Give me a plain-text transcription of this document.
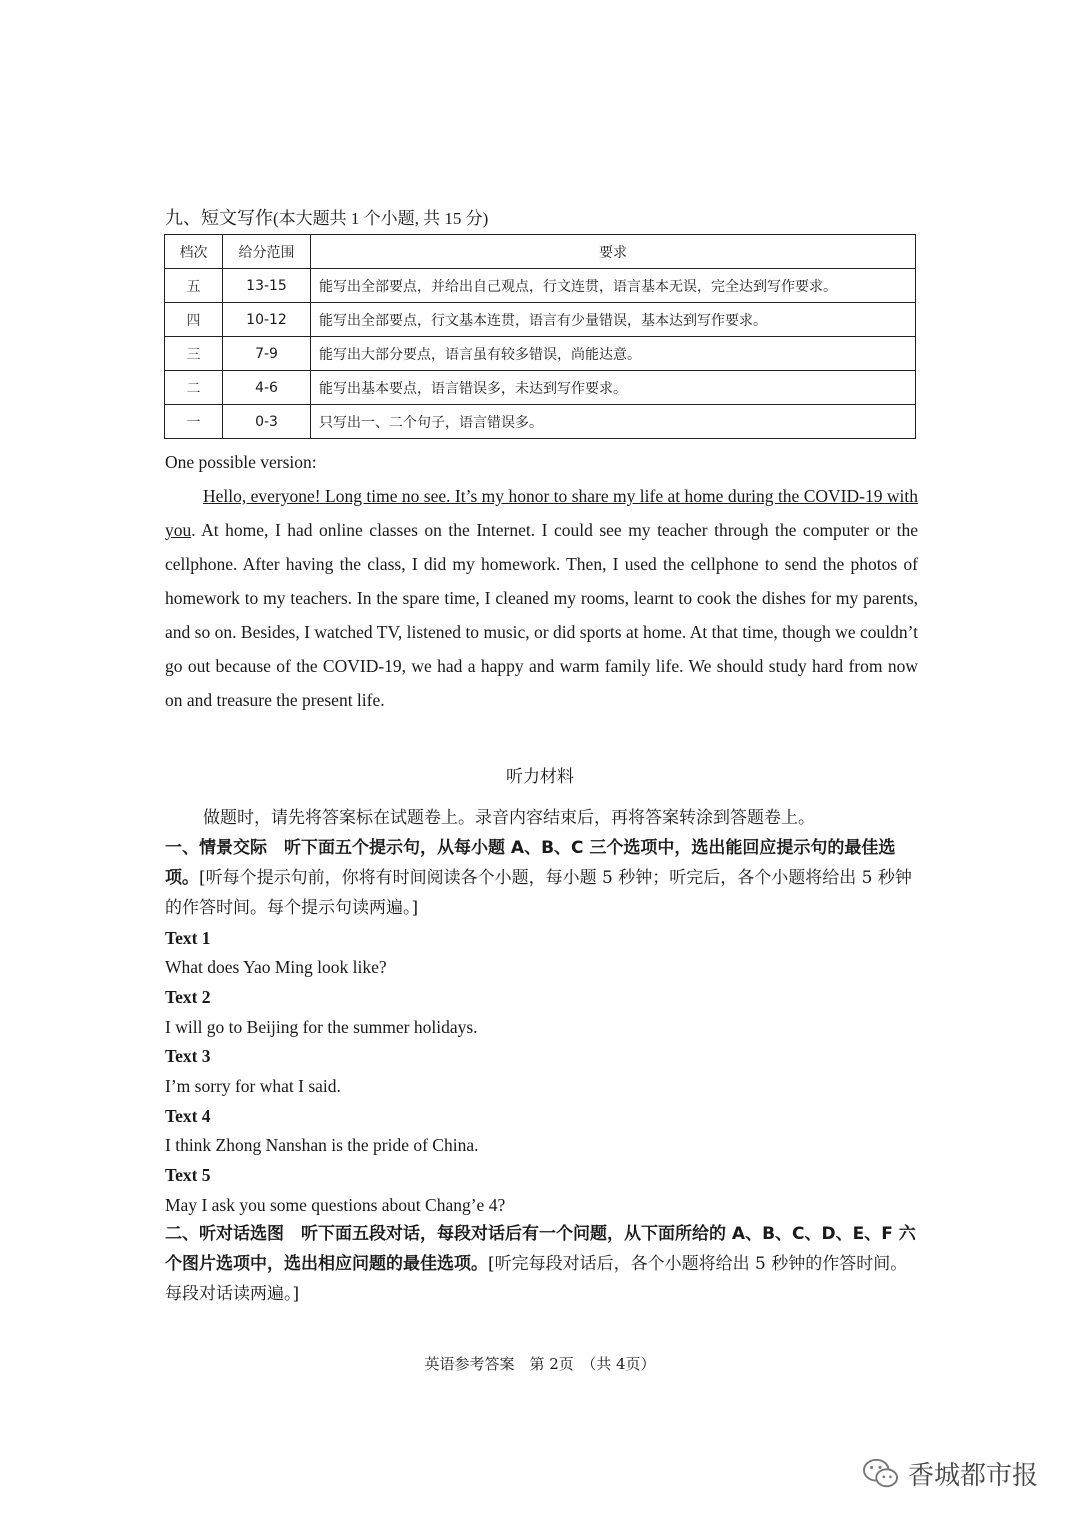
九、短文写作(本大题共 1 个小题, 共 15 分)
档次	给分范围	要求
五	13-15	能写出全部要点，并给出自己观点，行文连贯，语言基本无误，完全达到写作要求。
四	10-12	能写出全部要点，行文基本连贯，语言有少量错误，基本达到写作要求。
三	7-9	能写出大部分要点，语言虽有较多错误，尚能达意。
二	4-6	能写出基本要点，语言错误多，未达到写作要求。
一	0-3	只写出一、二个句子，语言错误多。
One possible version:
Hello, everyone! Long time no see. It’s my honor to share my life at home during the COVID-19 with you. At home, I had online classes on the Internet. I could see my teacher through the computer or the cellphone. After having the class, I did my homework. Then, I used the cellphone to send the photos of homework to my teachers. In the spare time, I cleaned my rooms, learnt to cook the dishes for my parents, and so on. Besides, I watched TV, listened to music, or did sports at home. At that time, though we couldn’t go out because of the COVID-19, we had a happy and warm family life. We should study hard from now on and treasure the present life.
听力材料
做题时，请先将答案标在试题卷上。录音内容结束后，再将答案转涂到答题卷上。
一、情景交际　听下面五个提示句，从每小题 A、B、C 三个选项中，选出能回应提示句的最佳选项。[听每个提示句前，你将有时间阅读各个小题，每小题 5 秒钟；听完后，各个小题将给出 5 秒钟的作答时间。每个提示句读两遍。]
Text 1
What does Yao Ming look like?
Text 2
I will go to Beijing for the summer holidays.
Text 3
I’m sorry for what I said.
Text 4
I think Zhong Nanshan is the pride of China.
Text 5
May I ask you some questions about Chang’e 4?
二、听对话选图　听下面五段对话，每段对话后有一个问题，从下面所给的 A、B、C、D、E、F 六个图片选项中，选出相应问题的最佳选项。[听完每段对话后，各个小题将给出 5 秒钟的作答时间。每段对话读两遍。]
英语参考答案　第 2页　（共 4页）
香城都市报
